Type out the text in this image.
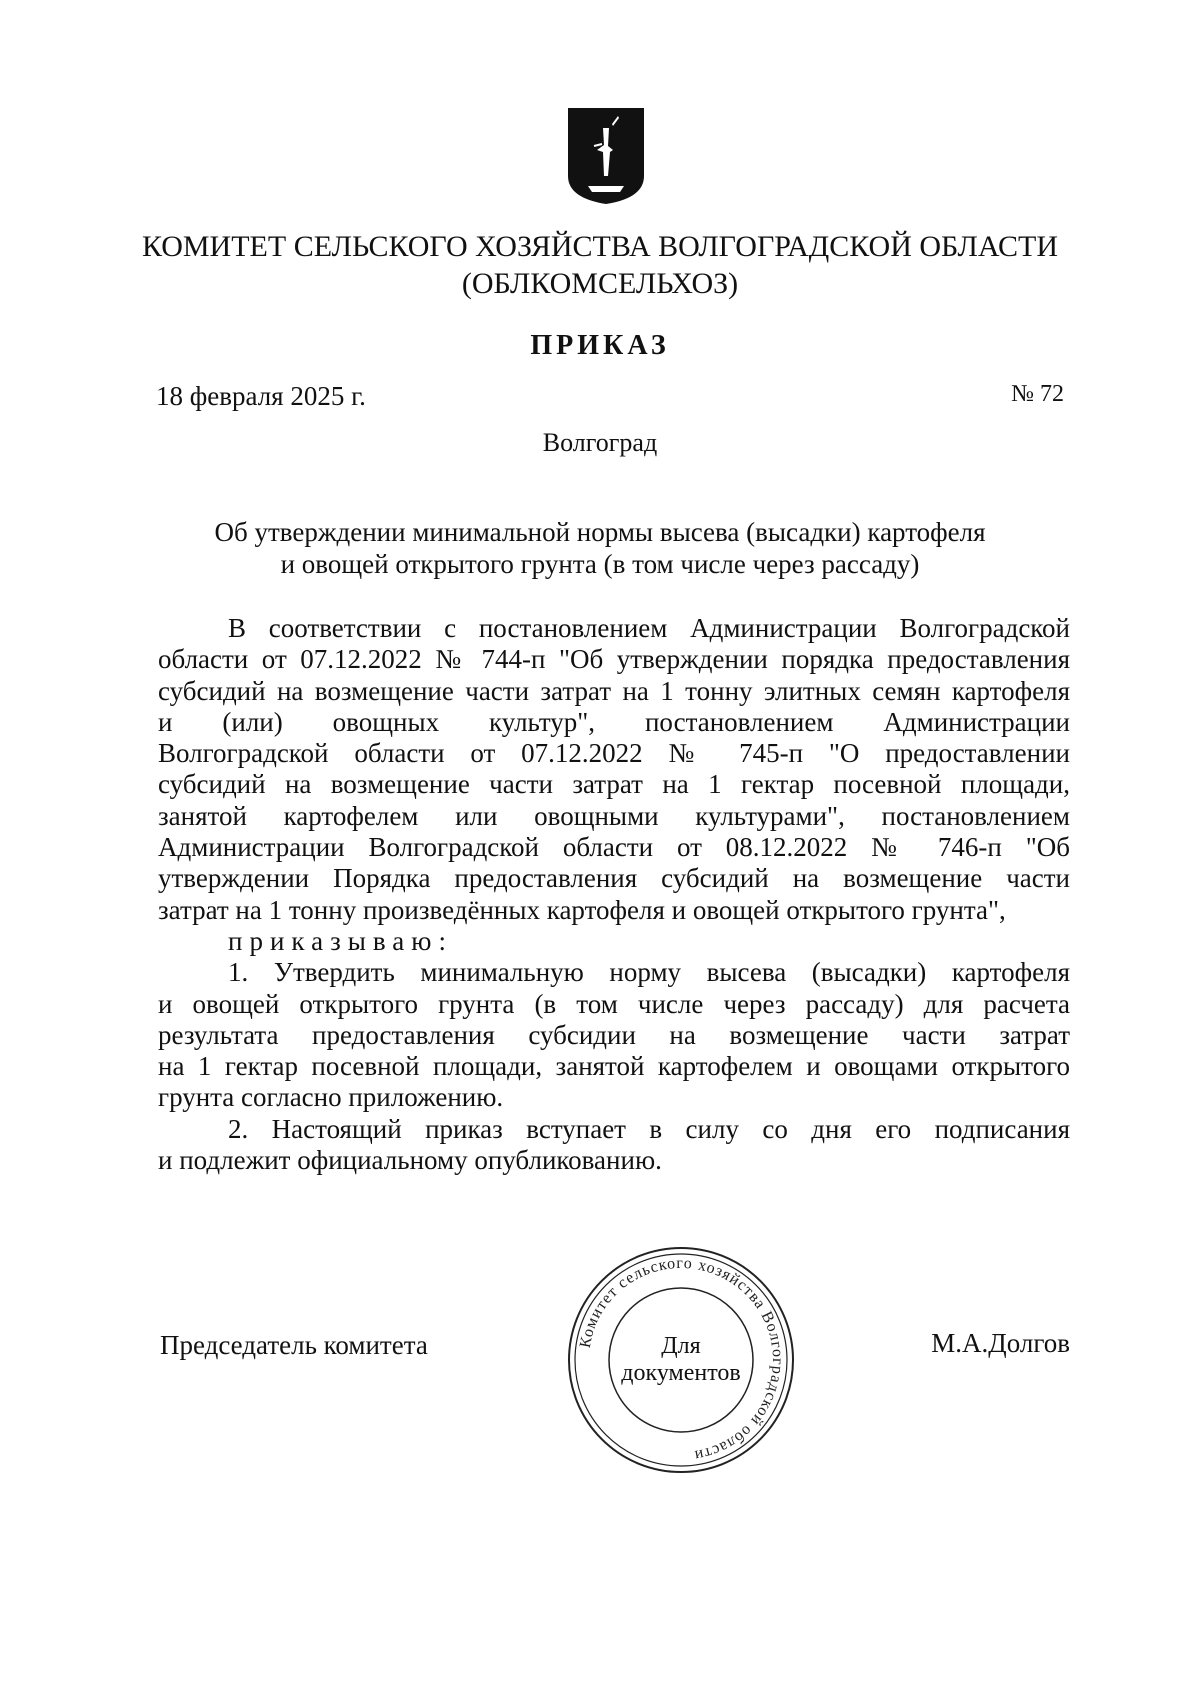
КОМИТЕТ СЕЛЬСКОГО ХОЗЯЙСТВА ВОЛГОГРАДСКОЙ ОБЛАСТИ
(ОБЛКОМСЕЛЬХОЗ)
ПРИКАЗ
18 февраля 2025 г.	№ 72
Волгоград
Об утверждении минимальной нормы высева (высадки) картофеля
и овощей открытого грунта (в том числе через рассаду)
В соответствии с постановлением Администрации Волгоградской
области от 07.12.2022 № 744-п "Об утверждении порядка предоставления
субсидий на возмещение части затрат на 1 тонну элитных семян картофеля
и (или) овощных культур", постановлением Администрации
Волгоградской области от 07.12.2022 № 745-п "О предоставлении
субсидий на возмещение части затрат на 1 гектар посевной площади,
занятой картофелем или овощными культурами", постановлением
Администрации Волгоградской области от 08.12.2022 № 746-п "Об
утверждении Порядка предоставления субсидий на возмещение части
затрат на 1 тонну произведённых картофеля и овощей открытого грунта",
приказываю:
1. Утвердить минимальную норму высева (высадки) картофеля
и овощей открытого грунта (в том числе через рассаду) для расчета
результата предоставления субсидии на возмещение части затрат
на 1 гектар посевной площади, занятой картофелем и овощами открытого
грунта согласно приложению.
2. Настоящий приказ вступает в силу со дня его подписания
и подлежит официальному опубликованию.
Председатель комитета	М.А.Долгов
Комитет сельского хозяйства Волгоградской области
Для
документов
